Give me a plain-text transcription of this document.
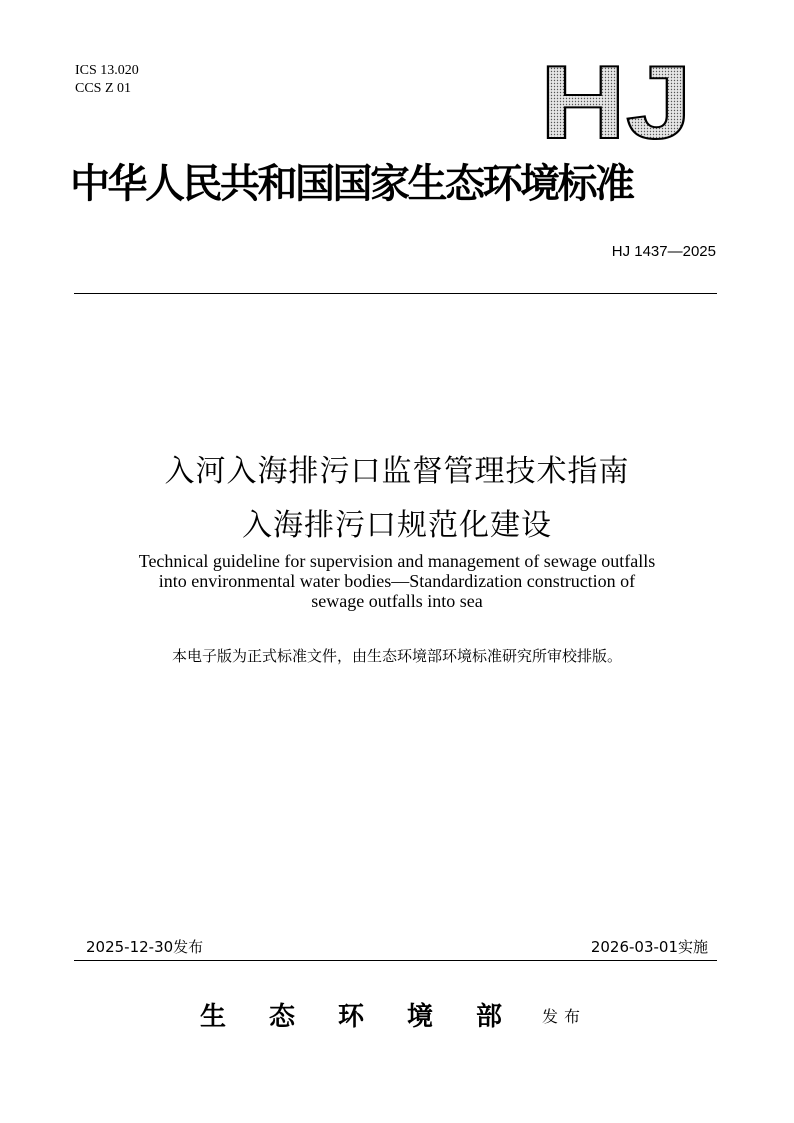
ICS 13.020
CCS Z 01	HJ
中华人民共和国国家生态环境标准
HJ 1437—2025
入河入海排污口监督管理技术指南
入海排污口规范化建设
Technical guideline for supervision and management of sewage outfalls
into environmental water bodies—Standardization construction of
sewage outfalls into sea
本电子版为正式标准文件，由生态环境部环境标准研究所审校排版。
2025-12-30发布	2026-03-01实施
生态环境部
发布
